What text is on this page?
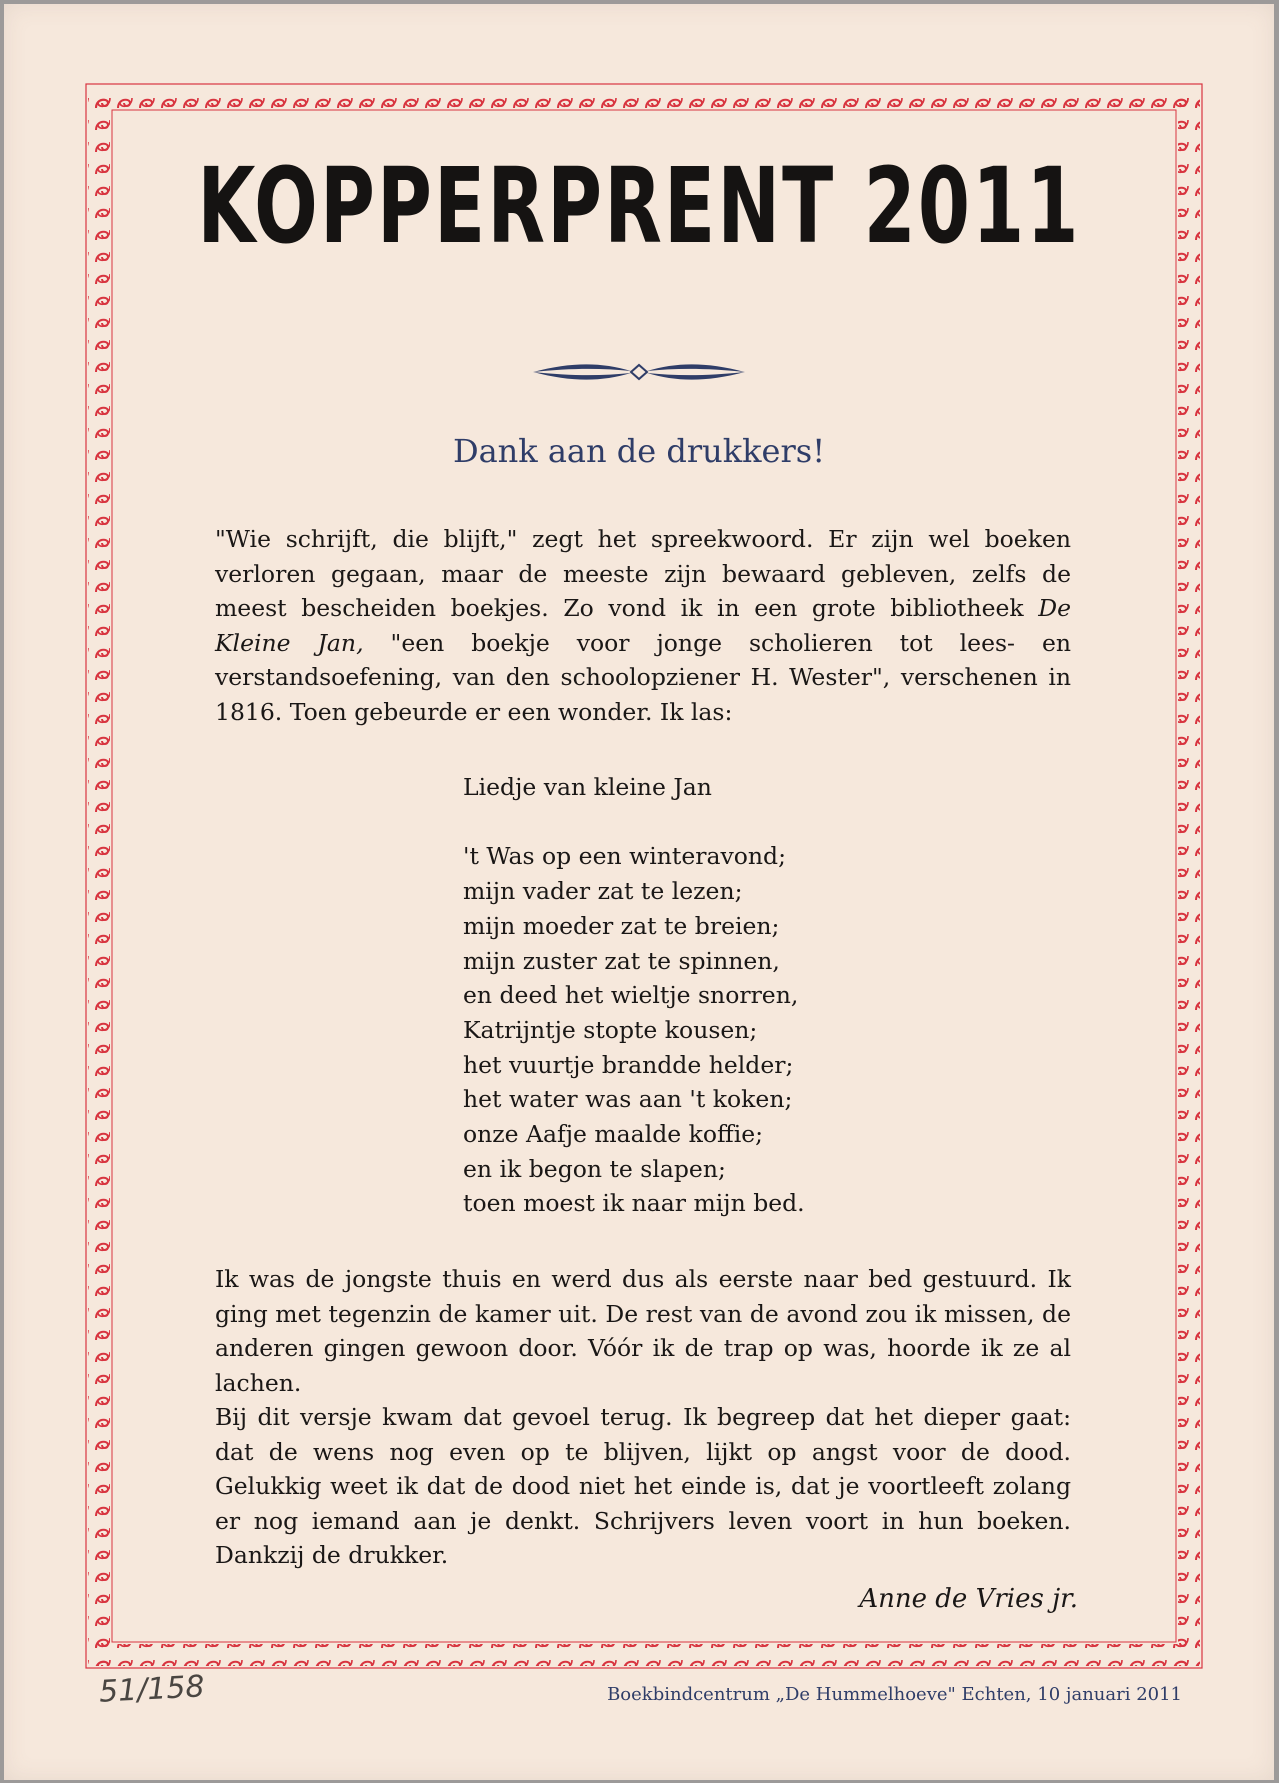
KOPPERPRENT 2011
Dank aan de drukkers!
"Wie schrijft, die blijft," zegt het spreekwoord. Er zijn wel boeken verloren gegaan, maar de meeste zijn bewaard gebleven, zelfs de meest bescheiden boekjes. Zo vond ik in een grote bibliotheek De Kleine Jan, "een boekje voor jonge scholieren tot lees- en verstandsoefening, van den schoolopziener H. Wester", verschenen in 1816. Toen gebeurde er een wonder. Ik las:
Liedje van kleine Jan
't Was op een winteravond;
mijn vader zat te lezen;
mijn moeder zat te breien;
mijn zuster zat te spinnen,
en deed het wieltje snorren,
Katrijntje stopte kousen;
het vuurtje brandde helder;
het water was aan 't koken;
onze Aafje maalde koffie;
en ik begon te slapen;
toen moest ik naar mijn bed.
Ik was de jongste thuis en werd dus als eerste naar bed gestuurd. Ik ging met tegenzin de kamer uit. De rest van de avond zou ik missen, de anderen gingen gewoon door. Vóór ik de trap op was, hoorde ik ze al lachen.
Bij dit versje kwam dat gevoel terug. Ik begreep dat het dieper gaat: dat de wens nog even op te blijven, lijkt op angst voor de dood. Gelukkig weet ik dat de dood niet het einde is, dat je voortleeft zolang er nog iemand aan je denkt. Schrijvers leven voort in hun boeken. Dankzij de drukker.
Anne de Vries jr.
51/158	Boekbindcentrum „De Hummelhoeve" Echten, 10 januari 2011
